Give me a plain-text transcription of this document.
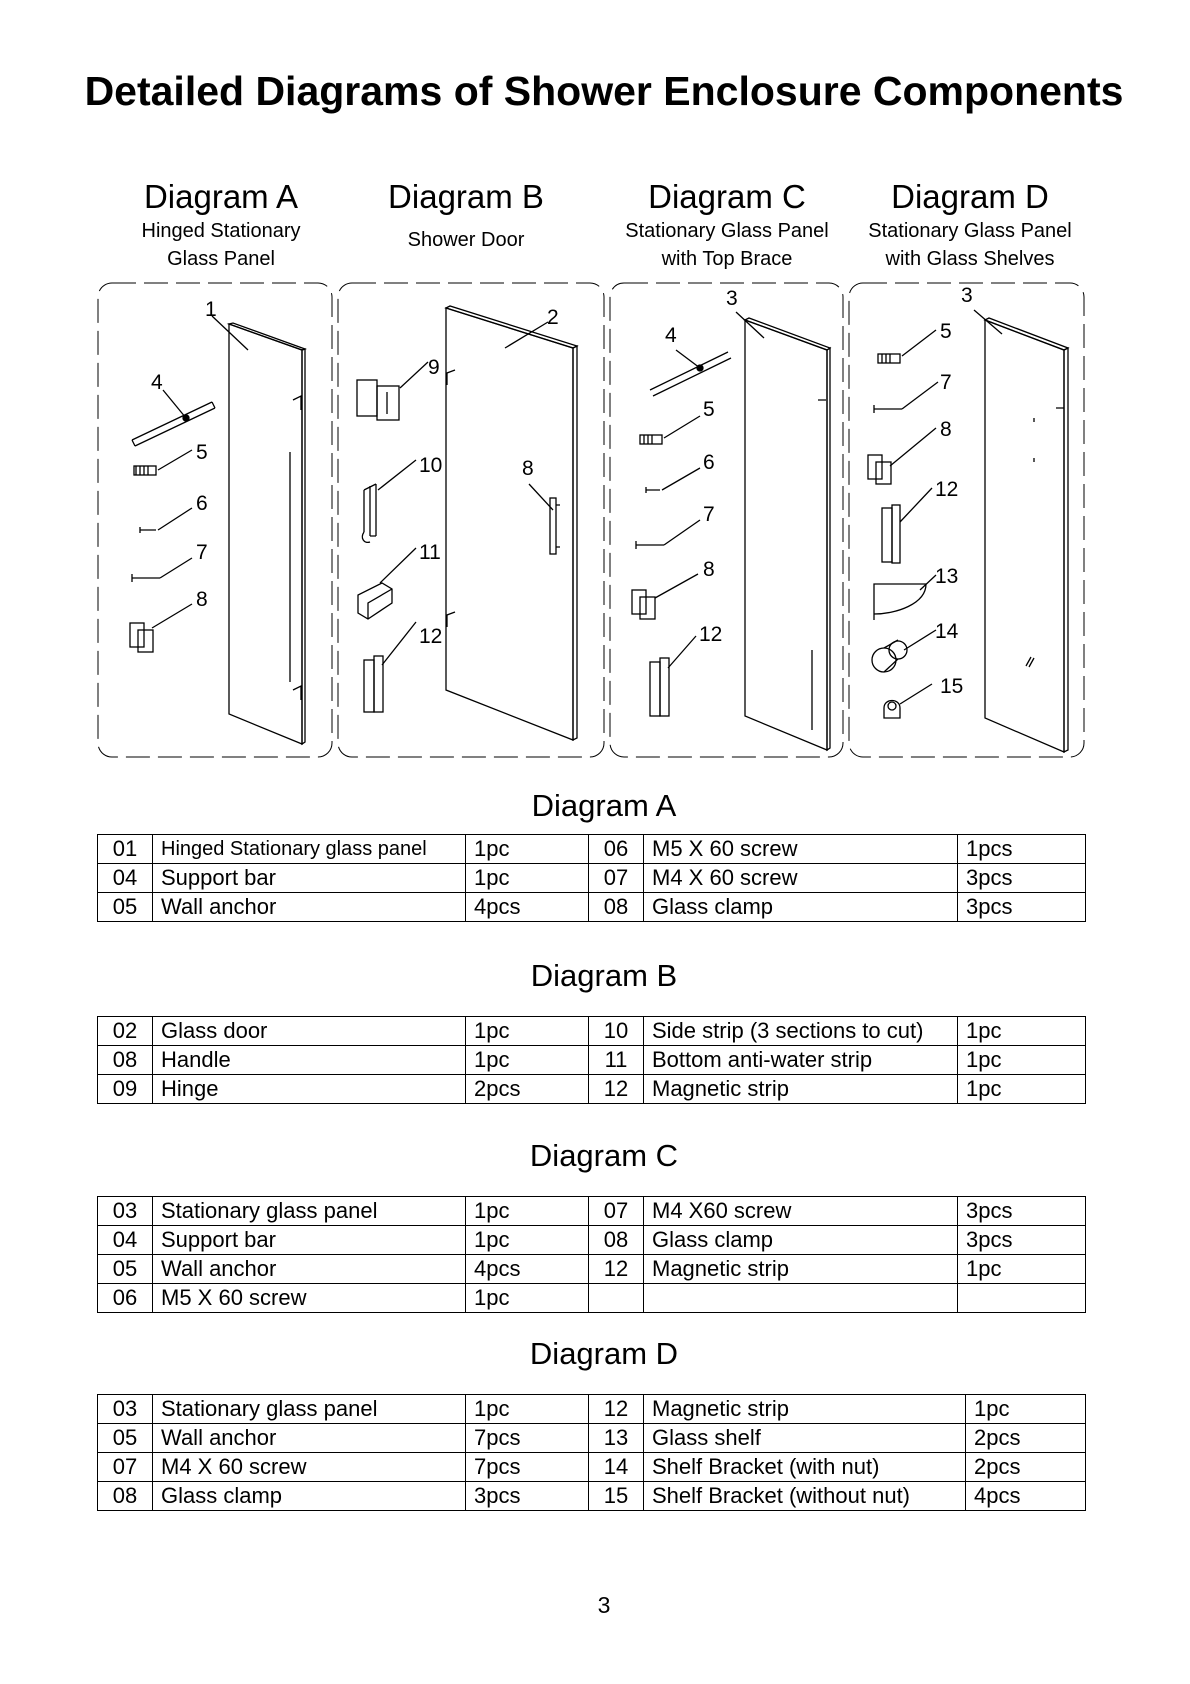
Detailed Diagrams of Shower Enclosure Components
Diagram A
Hinged Stationary
Glass Panel
Diagram B
Shower Door
Diagram C
Stationary Glass Panel
with Top Brace
Diagram D
Stationary Glass Panel
with Glass Shelves
1
4
5
6
7
8
2
9
10	8
11
12
3
4
5
6
7
8
12
3
5
7
8
12
13
14
15
Diagram A
01	Hinged Stationary glass panel	1pc	06	M5 X 60 screw	1pcs
04	Support bar	1pc	07	M4 X 60 screw	3pcs
05	Wall anchor	4pcs	08	Glass clamp	3pcs
Diagram B
02	Glass door	1pc	10	Side strip (3 sections to cut)	1pc
08	Handle	1pc	11	Bottom anti-water strip	1pc
09	Hinge	2pcs	12	Magnetic strip	1pc
Diagram C
03	Stationary glass panel	1pc	07	M4 X60 screw	3pcs
04	Support bar	1pc	08	Glass clamp	3pcs
05	Wall anchor	4pcs	12	Magnetic strip	1pc
06	M5 X 60 screw	1pc			
Diagram D
03	Stationary glass panel	1pc	12	Magnetic strip	1pc
05	Wall anchor	7pcs	13	Glass shelf	2pcs
07	M4 X 60 screw	7pcs	14	Shelf Bracket (with nut)	2pcs
08	Glass clamp	3pcs	15	Shelf Bracket (without nut)	4pcs
3
